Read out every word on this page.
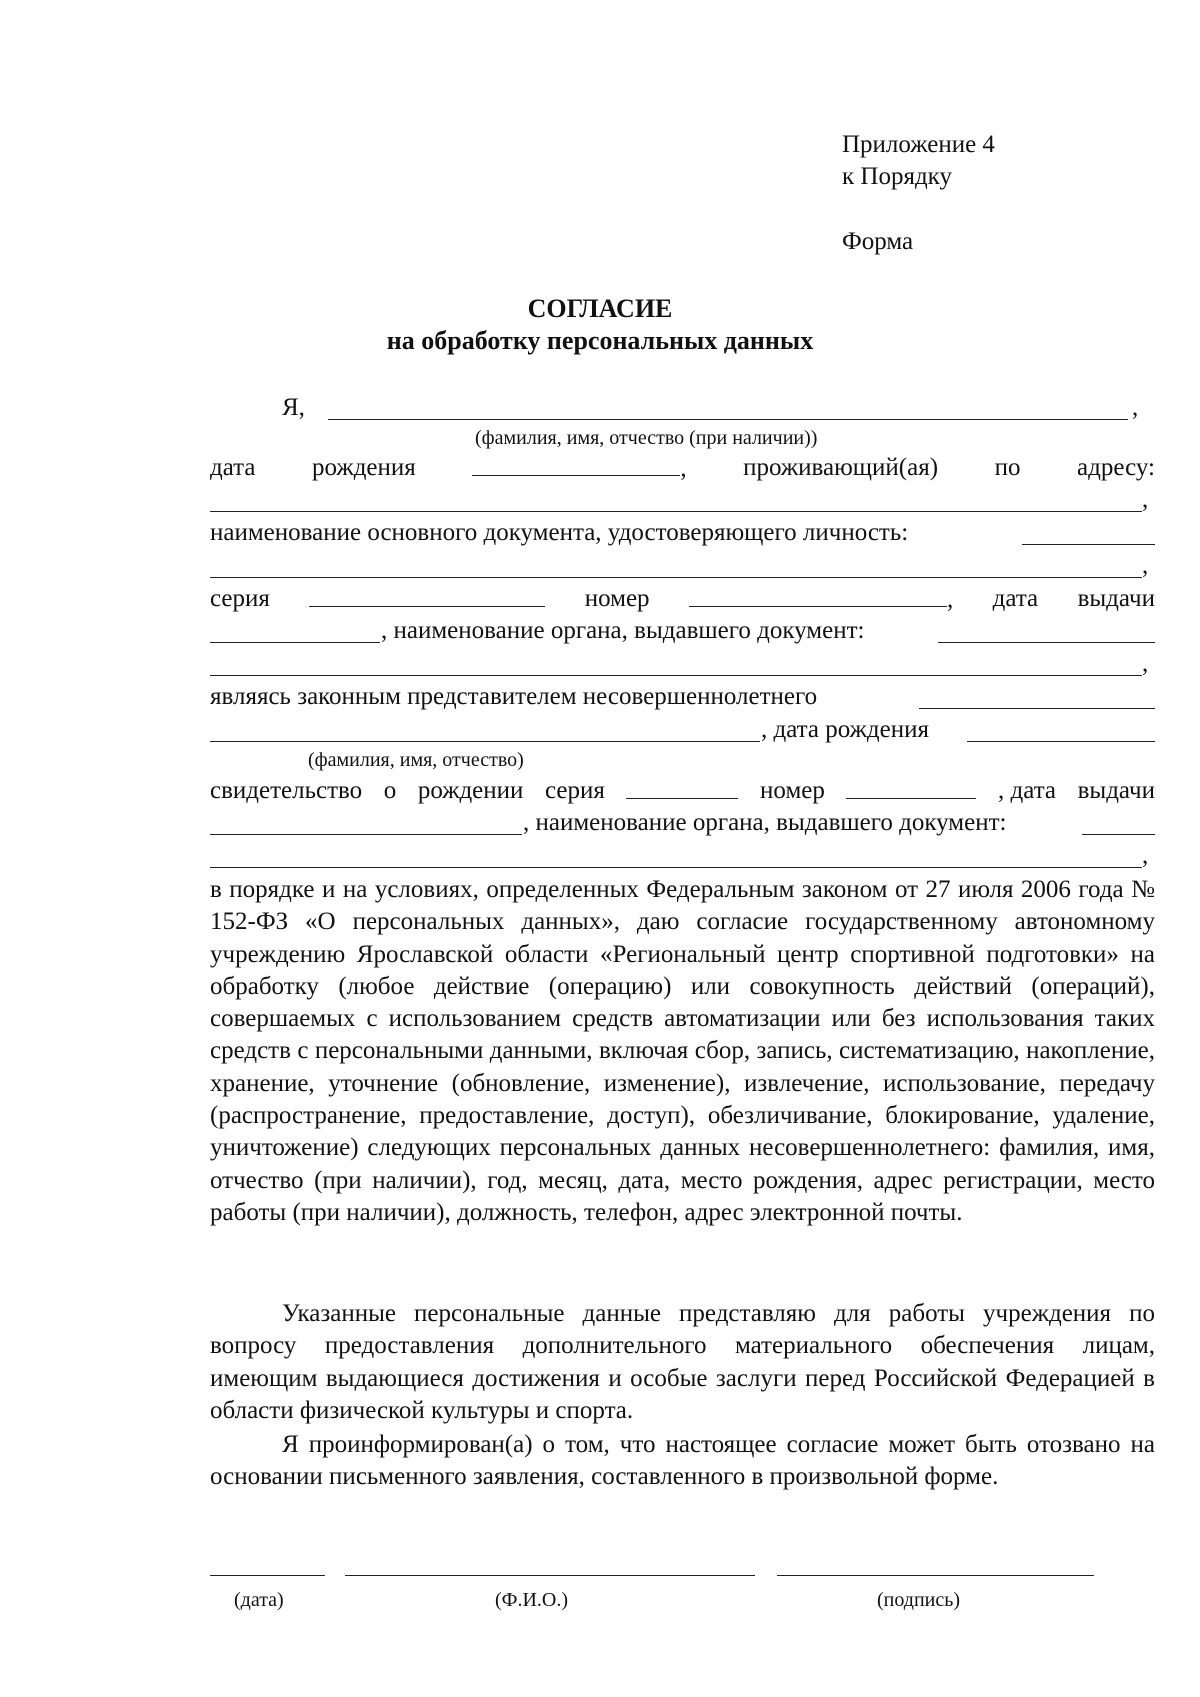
Приложение 4
к Порядку
Форма
СОГЛАСИЕ
на обработку персональных данных
Я,	,
(фамилия, имя, отчество (при наличии))
дата рождения	, проживающий(ая) по адресу:
,
наименование основного документа, удостоверяющего личность:
,
серия	номер	, дата выдачи
, наименование органа, выдавшего документ:
,
являясь законным представителем несовершеннолетнего
, дата рождения
(фамилия, имя, отчество)
свидетельство о рождении серия	номер	, дата выдачи
, наименование органа, выдавшего документ:
,
в порядке и на условиях, определенных Федеральным законом от 27 июля 2006 года № 152-ФЗ «О персональных данных», даю согласие государственному автономному учреждению Ярославской области «Региональный центр спортивной подготовки» на обработку (любое действие (операцию) или совокупность действий (операций), совершаемых с использованием средств автоматизации или без использования таких средств с персональными данными, включая сбор, запись, систематизацию, накопление, хранение, уточнение (обновление, изменение), извлечение, использование, передачу (распространение, предоставление, доступ), обезличивание, блокирование, удаление, уничтожение) следующих персональных данных несовершеннолетнего: фамилия, имя, отчество (при наличии), год, месяц, дата, место рождения, адрес регистрации, место работы (при наличии), должность, телефон, адрес электронной почты.
Указанные персональные данные представляю для работы учреждения по вопросу предоставления дополнительного материального обеспечения лицам, имеющим выдающиеся достижения и особые заслуги перед Российской Федерацией в области физической культуры и спорта.
Я проинформирован(а) о том, что настоящее согласие может быть отозвано на основании письменного заявления, составленного в произвольной форме.
(дата)	(Ф.И.О.)	(подпись)
